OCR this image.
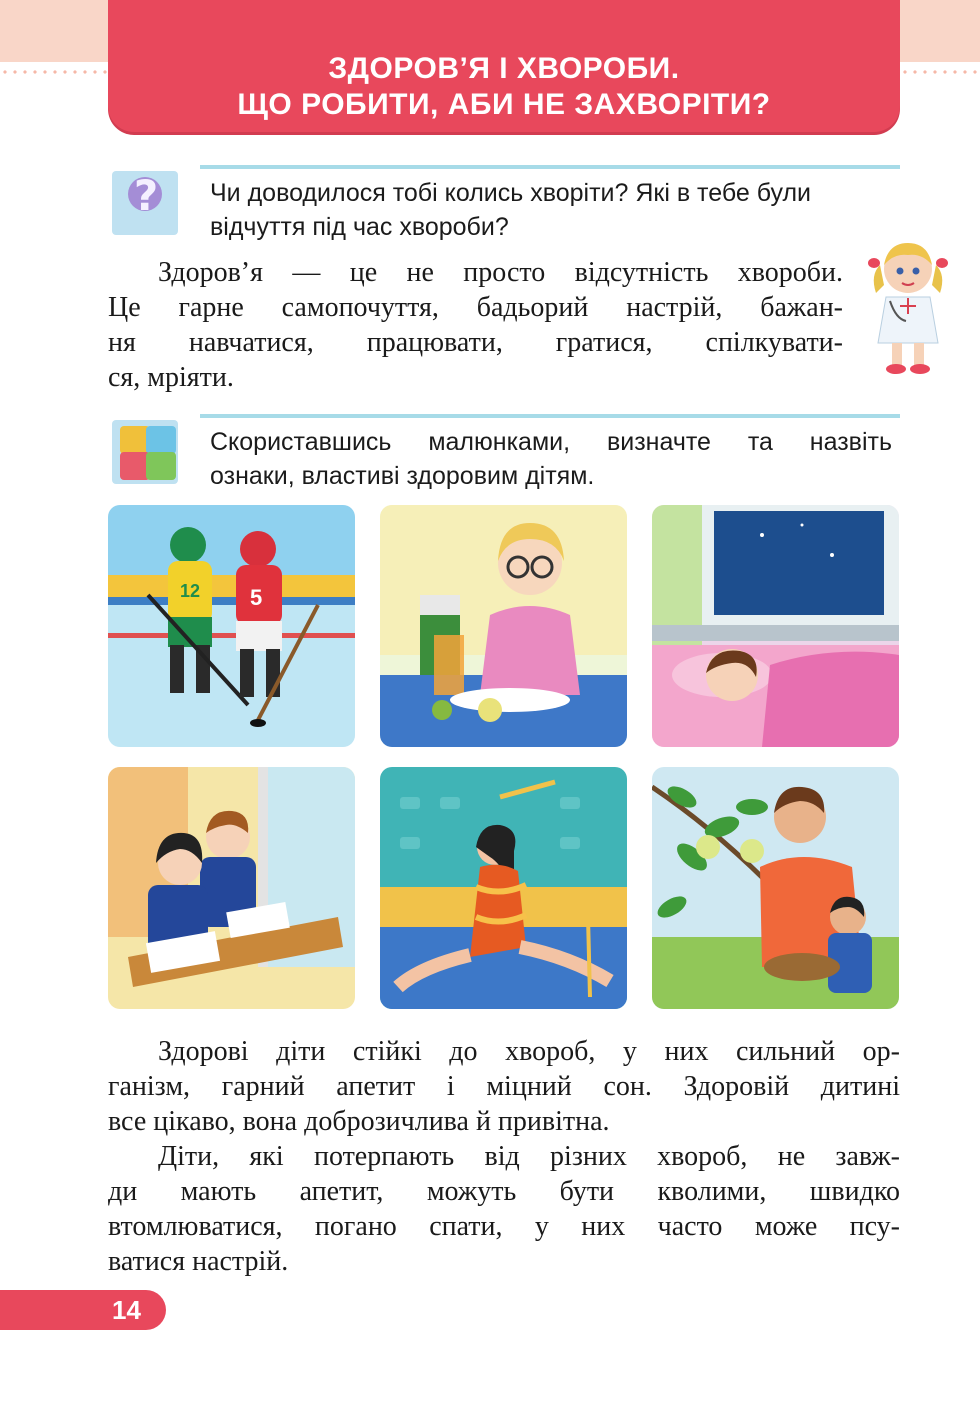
ЗДОРОВ’Я І ХВОРОБИ.
ЩО РОБИТИ, АБИ НЕ ЗАХВОРІТИ?
?	Чи доводилося тобі колись хворіти? Які в тебе були
відчуття під час хвороби?
Здоров’я — це не просто відсутність хвороби.
Це гарне самопочуття, бадьорий настрій, бажан-
ня навчатися, працювати, гратися, спілкувати-
ся, мріяти.
Скориставшись малюнками, визначте та назвіть
ознаки, властиві здоровим дітям.
12 5
Здорові діти стійкі до хвороб, у них сильний ор-
ганізм, гарний апетит і міцний сон. Здоровій дитині
все цікаво, вона доброзичлива й привітна.
Діти, які потерпають від різних хвороб, не завж-
ди мають апетит, можуть бути кволими, швидко
втомлюватися, погано спати, у них часто може псу-
ватися настрій.
14
